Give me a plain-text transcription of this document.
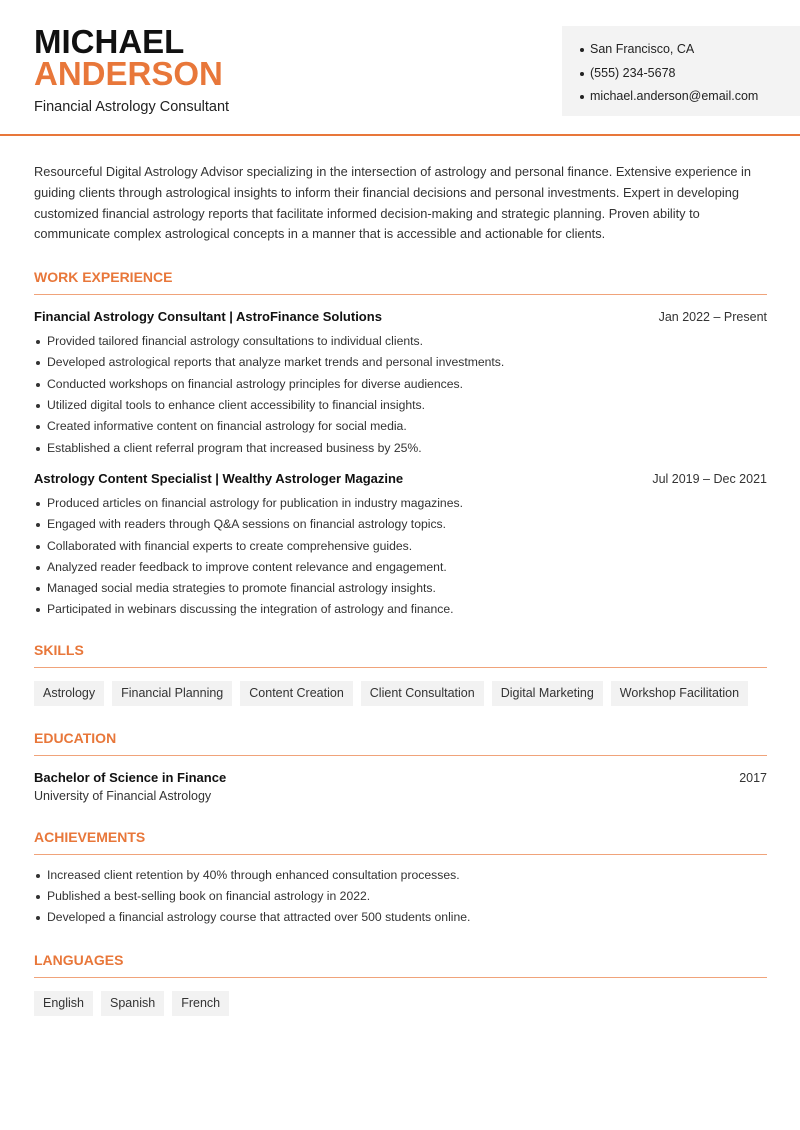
MICHAEL
ANDERSON
Financial Astrology Consultant
San Francisco, CA
(555) 234-5678
michael.anderson@email.com

Resourceful Digital Astrology Advisor specializing in the intersection of astrology and personal finance. Extensive experience in guiding clients through astrological insights to inform their financial decisions and personal investments. Expert in developing customized financial astrology reports that facilitate informed decision-making and strategic planning. Proven ability to communicate complex astrological concepts in a manner that is accessible and actionable for clients.

WORK EXPERIENCE
Financial Astrology Consultant | AstroFinance Solutions	Jan 2022 – Present
Provided tailored financial astrology consultations to individual clients.
Developed astrological reports that analyze market trends and personal investments.
Conducted workshops on financial astrology principles for diverse audiences.
Utilized digital tools to enhance client accessibility to financial insights.
Created informative content on financial astrology for social media.
Established a client referral program that increased business by 25%.
Astrology Content Specialist | Wealthy Astrologer Magazine	Jul 2019 – Dec 2021
Produced articles on financial astrology for publication in industry magazines.
Engaged with readers through Q&A sessions on financial astrology topics.
Collaborated with financial experts to create comprehensive guides.
Analyzed reader feedback to improve content relevance and engagement.
Managed social media strategies to promote financial astrology insights.
Participated in webinars discussing the integration of astrology and finance.
SKILLS
Astrology	Financial Planning	Content Creation	Client Consultation	Digital Marketing	Workshop Facilitation
EDUCATION
Bachelor of Science in Finance	2017
University of Financial Astrology
ACHIEVEMENTS
Increased client retention by 40% through enhanced consultation processes.
Published a best-selling book on financial astrology in 2022.
Developed a financial astrology course that attracted over 500 students online.
LANGUAGES
English	Spanish	French
